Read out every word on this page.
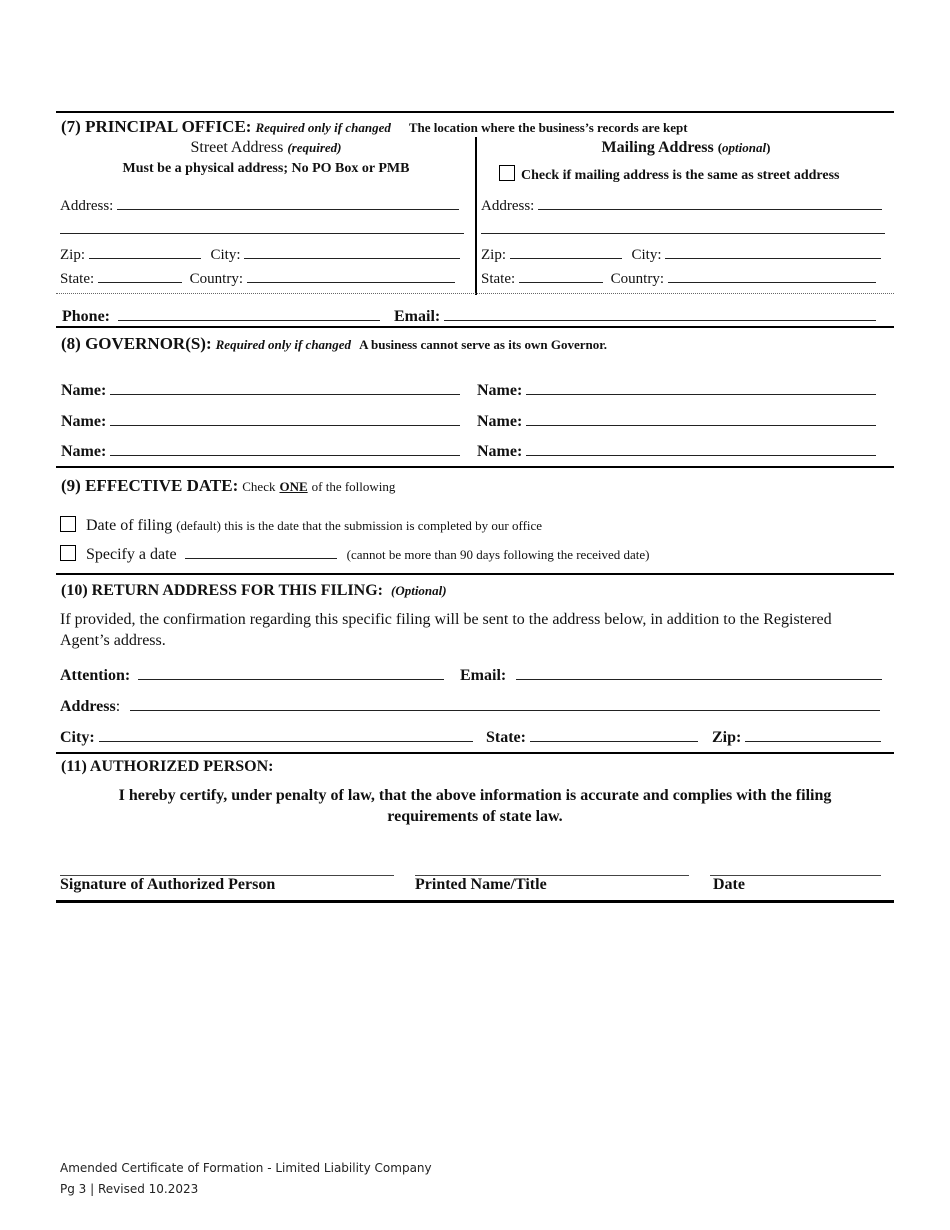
(7) PRINCIPAL OFFICE: Required only if changed The location where the business’s records are kept
Street Address (required)
Must be a physical address; No PO Box or PMB
Mailing Address (optional)
Check if mailing address is the same as street address
Address:
Zip:	City:
State:	Country:
Address:
Zip:	City:
State:	Country:
Phone:	Email:
(8) GOVERNOR(S): Required only if changed A business cannot serve as its own Governor.
Name:	Name:
Name:	Name:
Name:	Name:
(9) EFFECTIVE DATE: Check ONE of the following
Date of filing (default) this is the date that the submission is completed by our office
Specify a date	(cannot be more than 90 days following the received date)
(10) RETURN ADDRESS FOR THIS FILING: (Optional)
If provided, the confirmation regarding this specific filing will be sent to the address below, in addition to the Registered
Agent’s address.
Attention:	Email:
Address:
City:	State:	Zip:
(11) AUTHORIZED PERSON:
I hereby certify, under penalty of law, that the above information is accurate and complies with the filing
requirements of state law.
Signature of Authorized Person	Printed Name/Title	Date
Amended Certificate of Formation - Limited Liability Company
Pg 3 | Revised 10.2023
